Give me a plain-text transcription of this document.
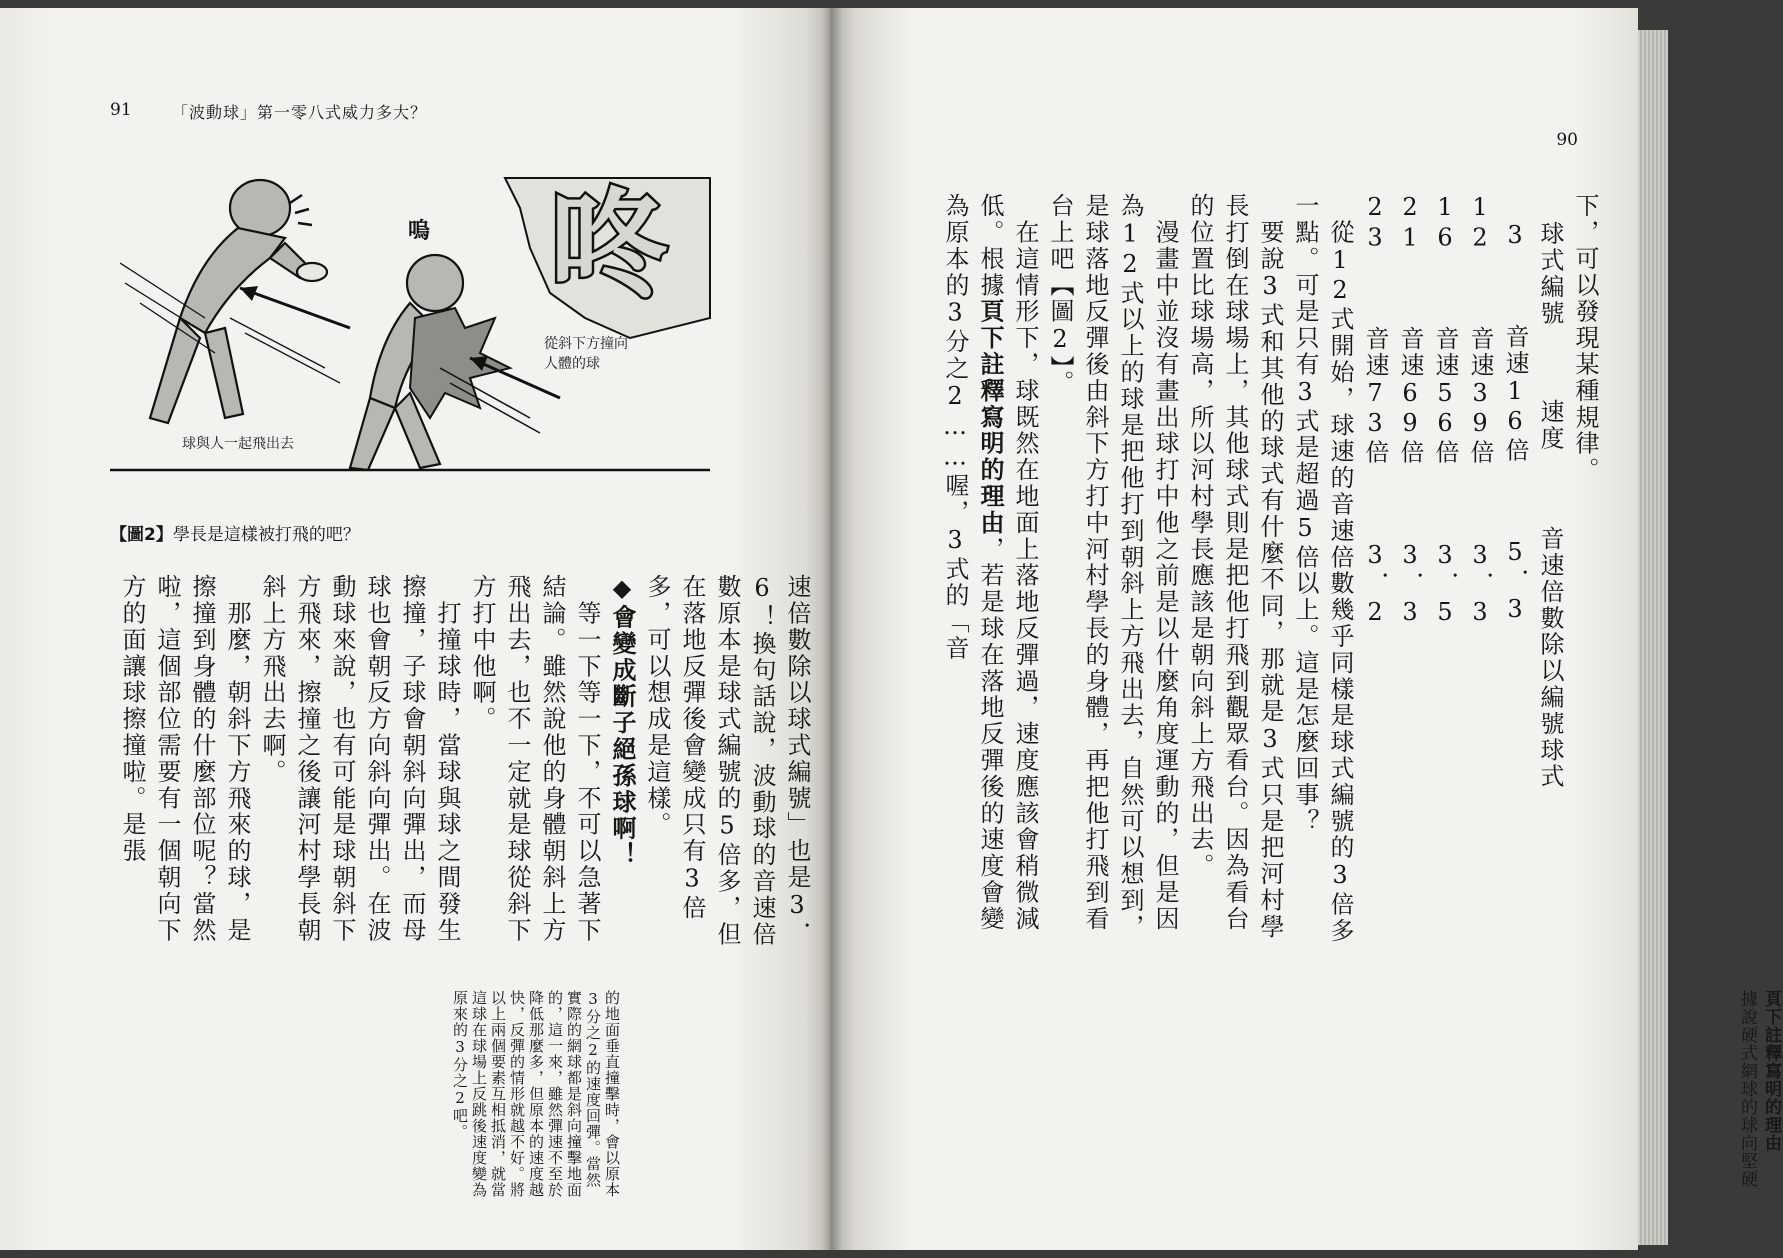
91	「波動球」第一零八式威力多大？
嗚 咚
從斜下方撞向
人體的球
球與人一起飛出去
【圖2】學長是這樣被打飛的吧？

速倍數除以球式編號」也是3．6！換句話說，波動球的音速倍數原本是球式編號的5倍多，但在落地反彈後會變成只有3倍多，可以想成是這樣。

◆會變成斷子絕孫球啊！

　等一下等一下，不可以急著下結論。雖然說他的身體朝斜上方飛出去，也不一定就是球從斜下方打中他啊。

　打撞球時，當球與球之間發生擦撞，子球會朝斜向彈出，而母球也會朝反方向斜向彈出。在波動球來說，也有可能是球朝斜下方飛來，擦撞之後讓河村學長朝斜上方飛出去啊。

　那麼，朝斜下方飛來的球，是擦撞到身體的什麼部位呢？當然啦，這個部位需要有一個朝向下方的面讓球擦撞啦。是張

的地面垂直撞擊時，會以原本3分之2的速度回彈。當然實際的網球都是斜向撞擊地面的，這一來，雖然彈速不至於降低那麼多，但原本的速度越快，反彈的情形就越不好。將以上兩個要素互相抵消，就當這球在球場上反跳後速度變為原來的3分之2吧。
90

下，可以發現某種規律。

球式編號 速度 音速倍數除以編號球式

3 音速16倍 5．3

12 音速39倍 3．3

16 音速56倍 3．5

21 音速69倍 3．3

23 音速73倍 3．2

　從12式開始，球速的音速倍數幾乎同樣是球式編號的3倍多一點。可是只有3式是超過5倍以上。這是怎麼回事？

　要說3式和其他的球式有什麼不同，那就是3式只是把河村學長打倒在球場上，其他球式則是把他打飛到觀眾看台。因為看台的位置比球場高，所以河村學長應該是朝向斜上方飛出去。

　漫畫中並沒有畫出球打中他之前是以什麼角度運動的，但是因為12式以上的球是把他打到朝斜上方飛出去，自然可以想到，是球落地反彈後由斜下方打中河村學長的身體，再把他打飛到看台上吧【圖2】。

　在這情形下，球既然在地面上落地反彈過，速度應該會稍微減低。根據頁下註釋寫明的理由，若是球在落地反彈後的速度會變為原本的3分之2……喔，3式的「音

頁下註釋寫明的理由
據說硬式網球的球向堅硬
